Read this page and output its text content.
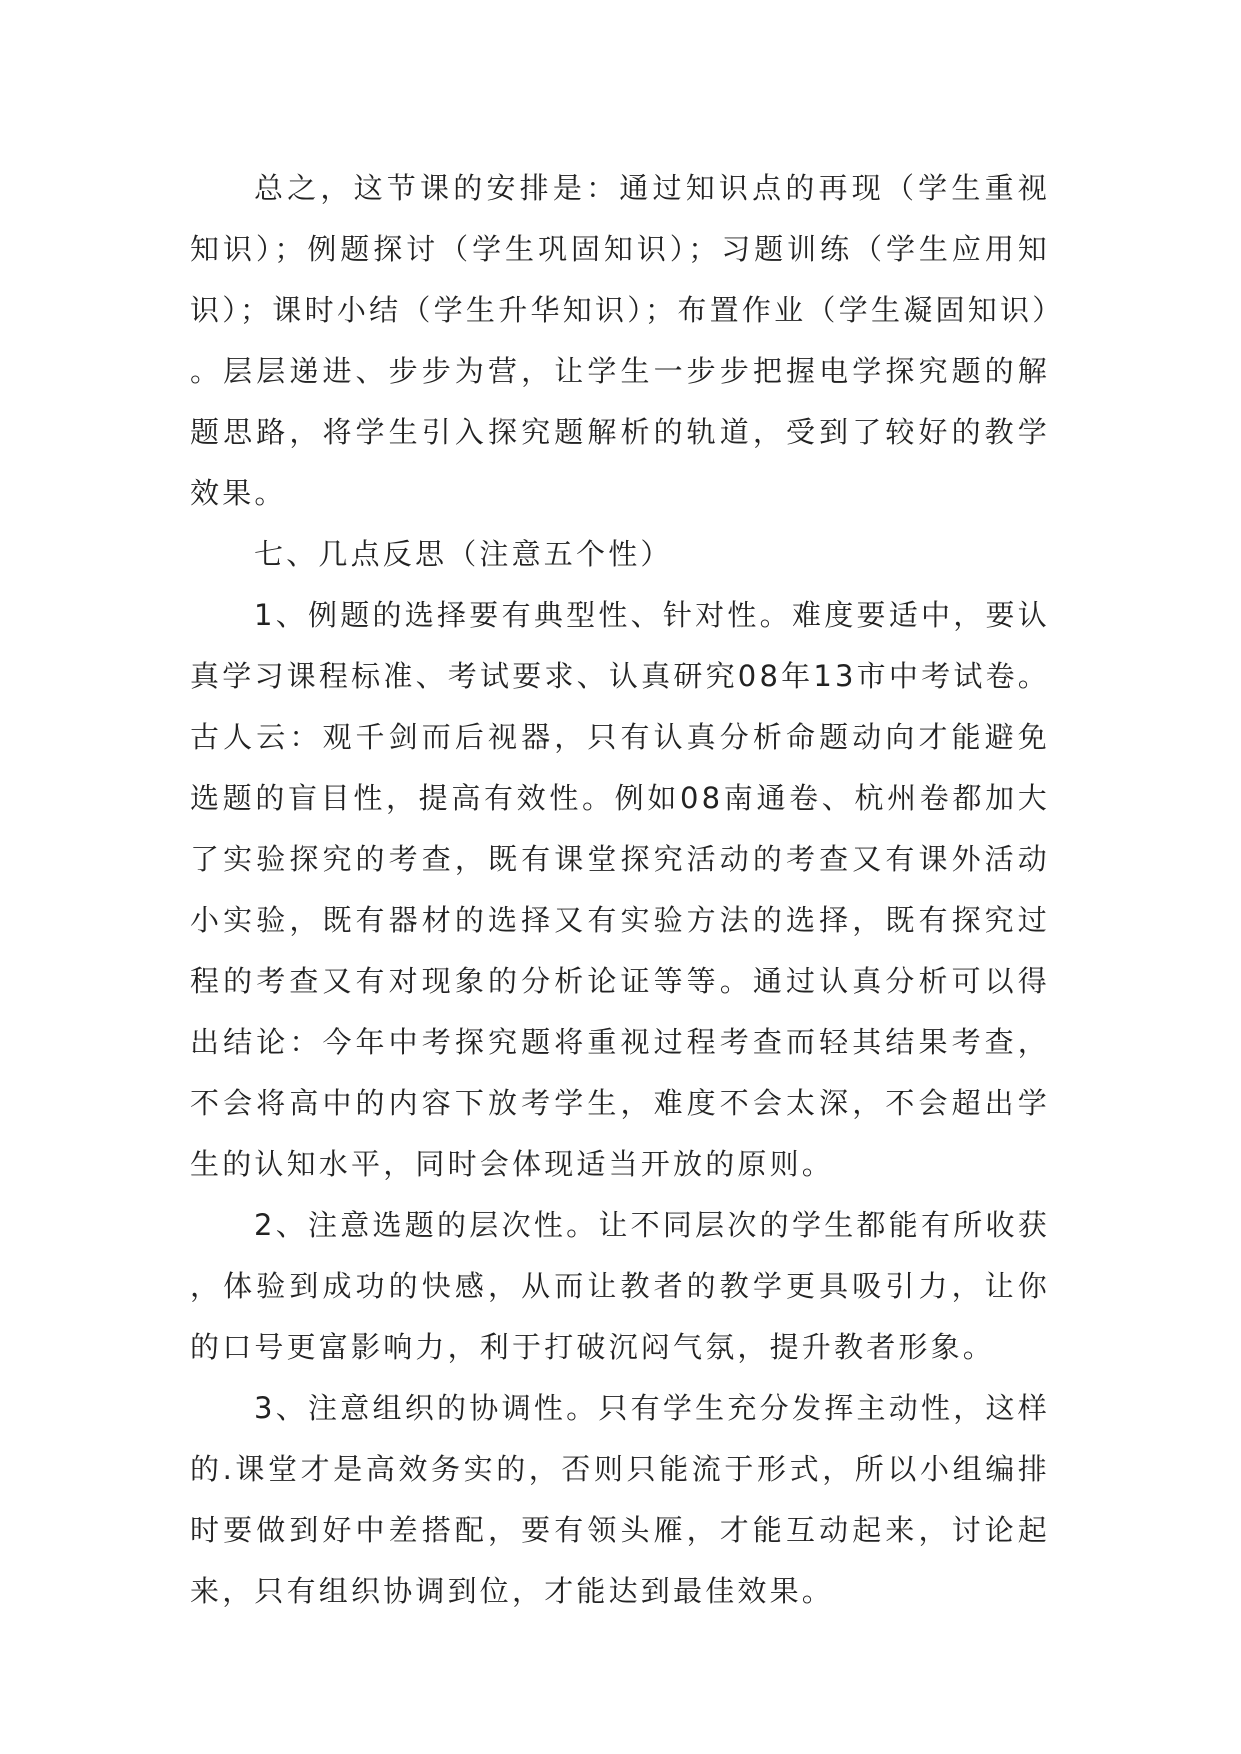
总之，这节课的安排是：通过知识点的再现（学生重视知识）；例题探讨（学生巩固知识）；习题训练（学生应用知识）；课时小结（学生升华知识）；布置作业（学生凝固知识）。层层递进、步步为营，让学生一步步把握电学探究题的解题思路，将学生引入探究题解析的轨道，受到了较好的教学效果。

七、几点反思（注意五个性）

1、例题的选择要有典型性、针对性。难度要适中，要认真学习课程标准、考试要求、认真研究08年13市中考试卷。古人云：观千剑而后视器，只有认真分析命题动向才能避免选题的盲目性，提高有效性。例如08南通卷、杭州卷都加大了实验探究的考查，既有课堂探究活动的考查又有课外活动小实验，既有器材的选择又有实验方法的选择，既有探究过程的考查又有对现象的分析论证等等。通过认真分析可以得出结论：今年中考探究题将重视过程考查而轻其结果考查，不会将高中的内容下放考学生，难度不会太深，不会超出学生的认知水平，同时会体现适当开放的原则。

2、注意选题的层次性。让不同层次的学生都能有所收获，体验到成功的快感，从而让教者的教学更具吸引力，让你的口号更富影响力，利于打破沉闷气氛，提升教者形象。

3、注意组织的协调性。只有学生充分发挥主动性，这样的.课堂才是高效务实的，否则只能流于形式，所以小组编排时要做到好中差搭配，要有领头雁，才能互动起来，讨论起来，只有组织协调到位，才能达到最佳效果。
